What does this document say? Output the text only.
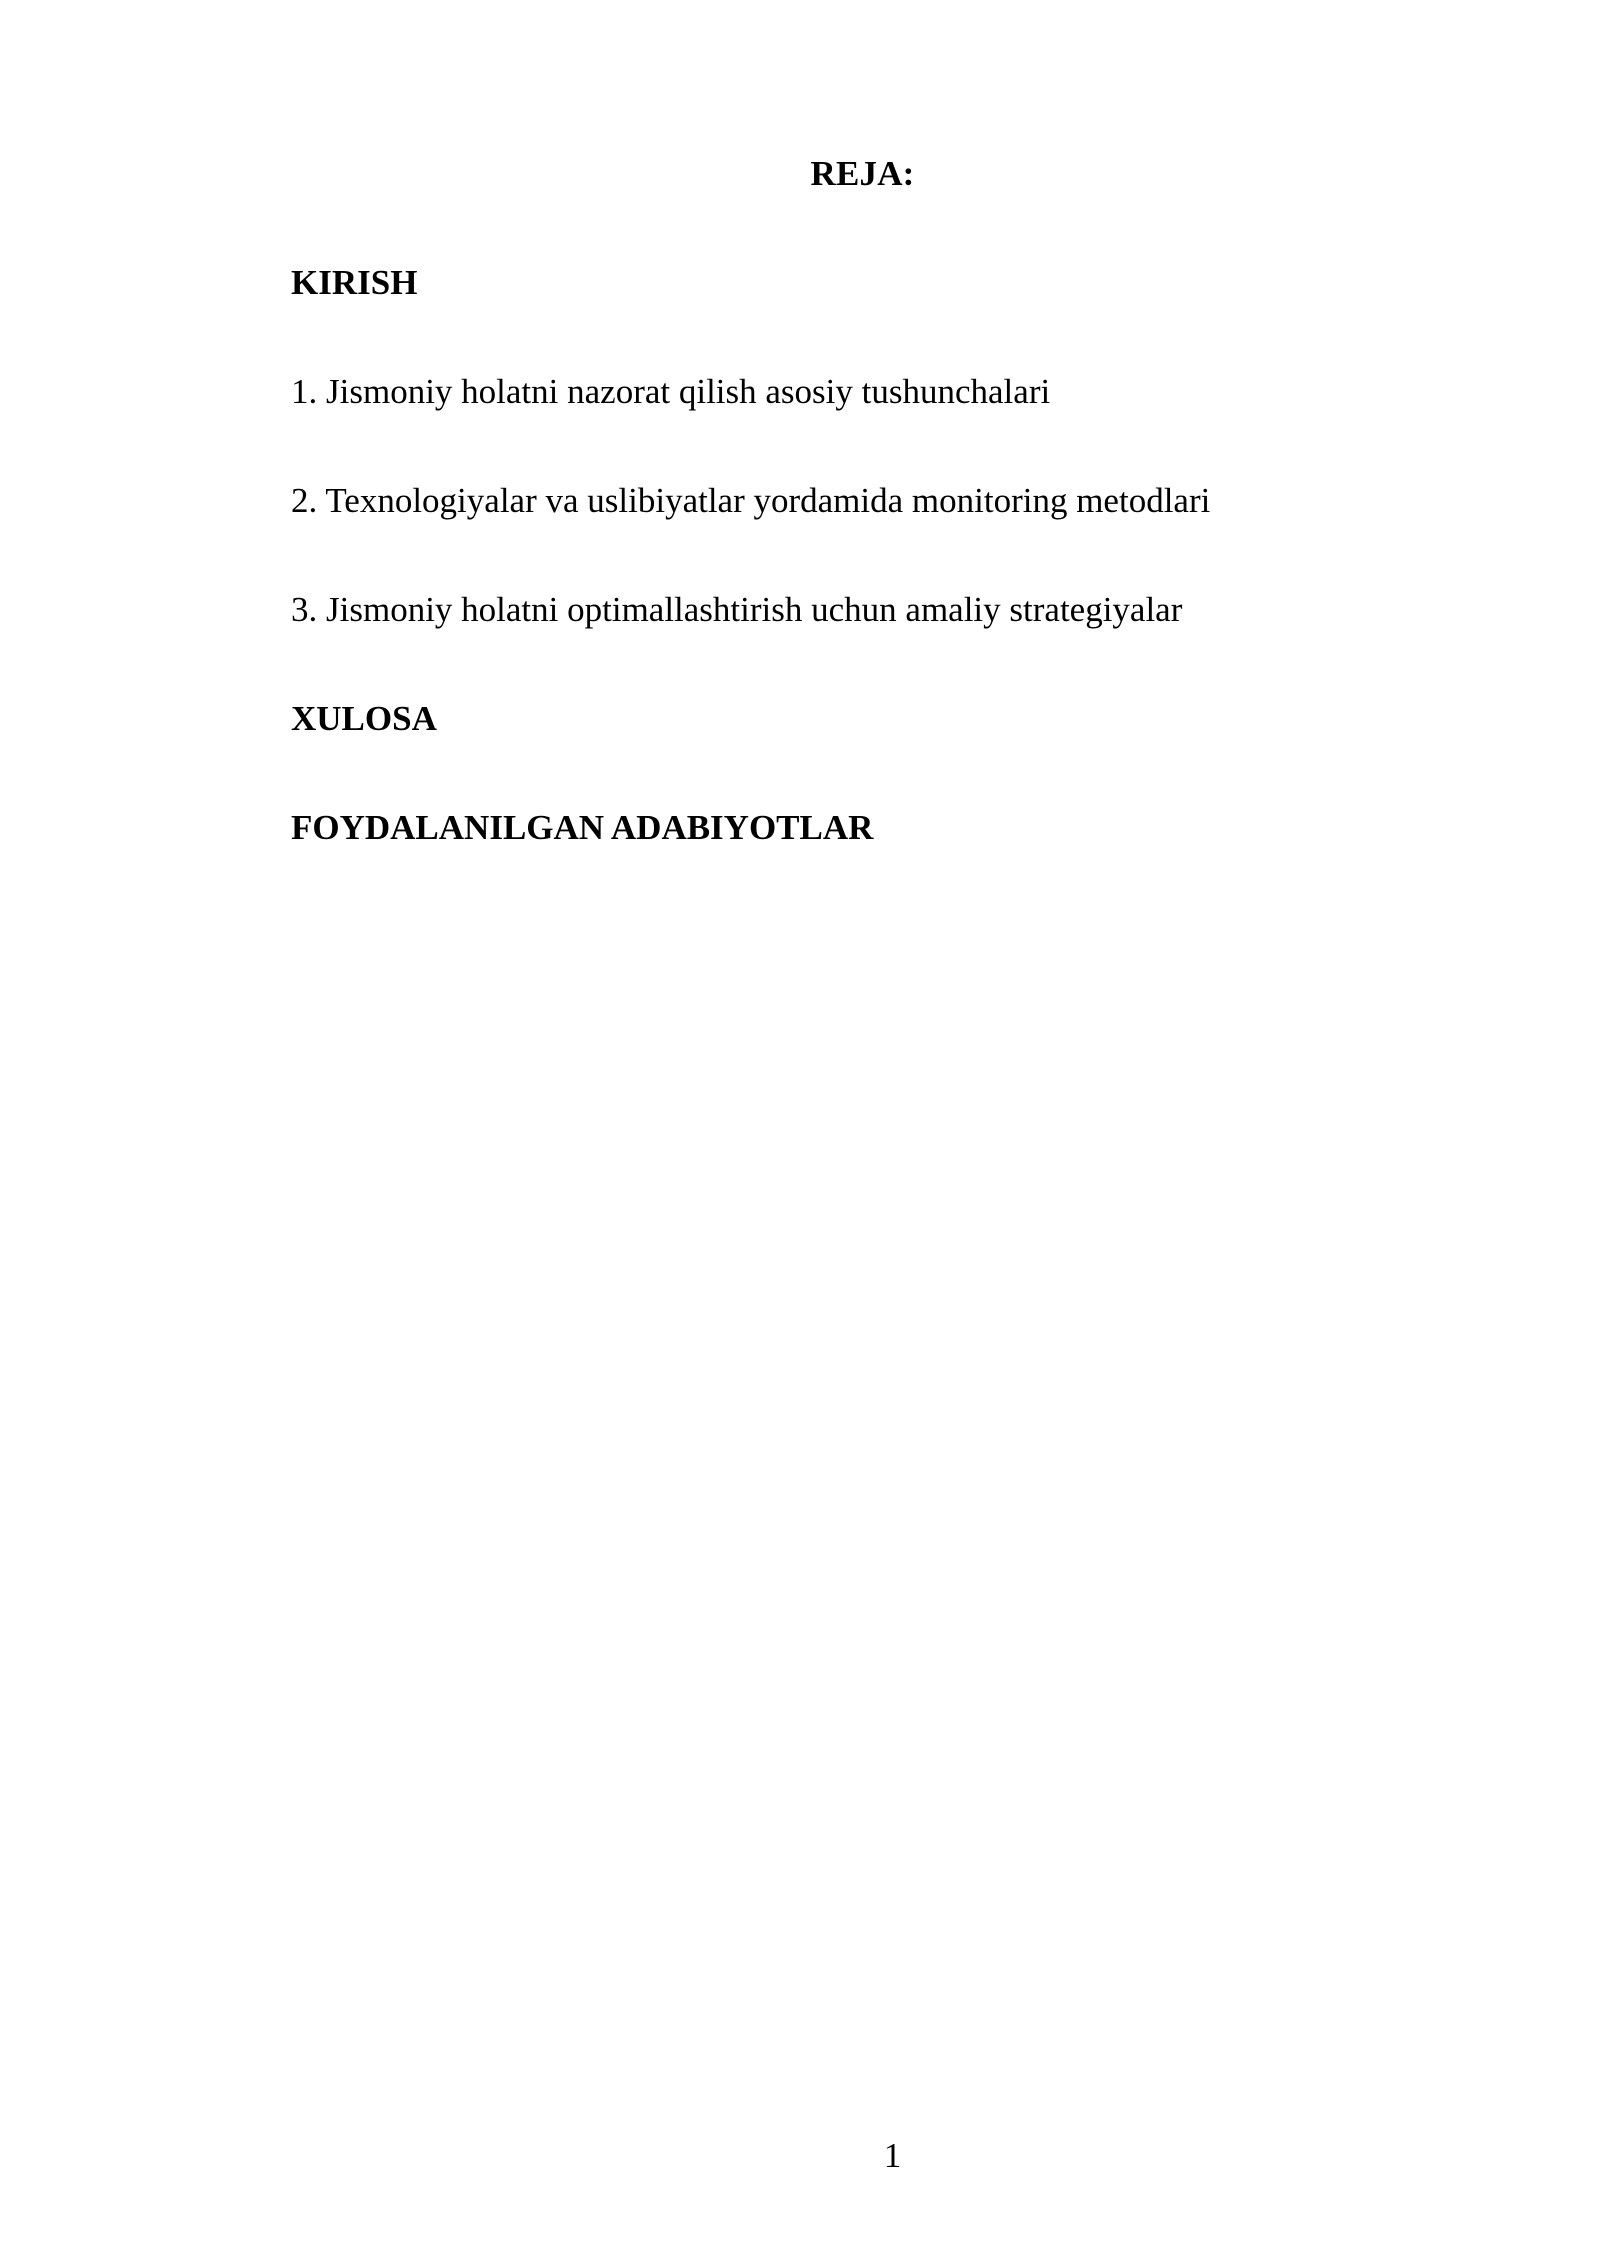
REJA:
KIRISH
1. Jismoniy holatni nazorat qilish asosiy tushunchalari
2. Texnologiyalar va uslibiyatlar yordamida monitoring metodlari
3. Jismoniy holatni optimallashtirish uchun amaliy strategiyalar
XULOSA
FOYDALANILGAN ADABIYOTLAR
1
